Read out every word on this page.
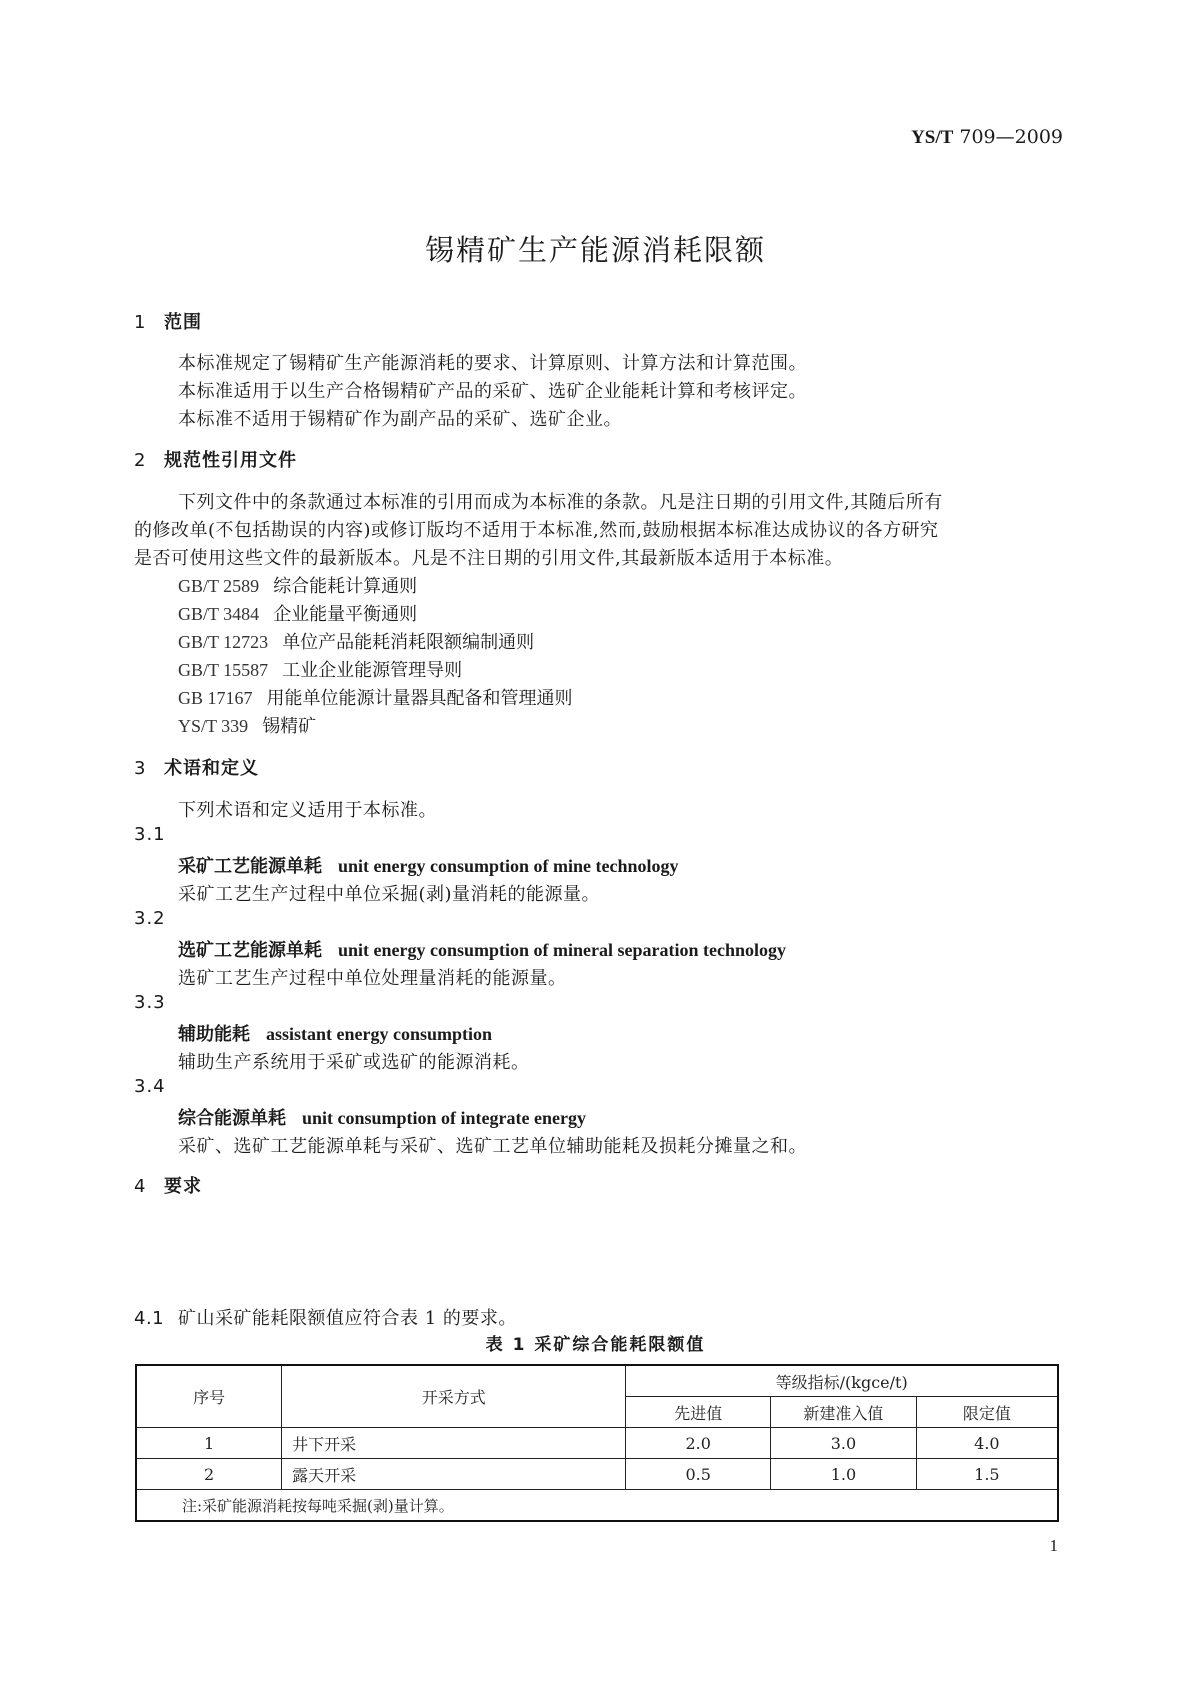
YS/T 709—2009
锡精矿生产能源消耗限额
1 范围
本标准规定了锡精矿生产能源消耗的要求、计算原则、计算方法和计算范围。
本标准适用于以生产合格锡精矿产品的采矿、选矿企业能耗计算和考核评定。
本标准不适用于锡精矿作为副产品的采矿、选矿企业。
2 规范性引用文件
下列文件中的条款通过本标准的引用而成为本标准的条款。凡是注日期的引用文件,其随后所有
的修改单(不包括勘误的内容)或修订版均不适用于本标准,然而,鼓励根据本标准达成协议的各方研究
是否可使用这些文件的最新版本。凡是不注日期的引用文件,其最新版本适用于本标准。
GB/T 2589 综合能耗计算通则
GB/T 3484 企业能量平衡通则
GB/T 12723 单位产品能耗消耗限额编制通则
GB/T 15587 工业企业能源管理导则
GB 17167 用能单位能源计量器具配备和管理通则
YS/T 339 锡精矿
3 术语和定义
下列术语和定义适用于本标准。
3.1
采矿工艺能源单耗 unit energy consumption of mine technology
采矿工艺生产过程中单位采掘(剥)量消耗的能源量。
3.2
选矿工艺能源单耗 unit energy consumption of mineral separation technology
选矿工艺生产过程中单位处理量消耗的能源量。
3.3
辅助能耗 assistant energy consumption
辅助生产系统用于采矿或选矿的能源消耗。
3.4
综合能源单耗 unit consumption of integrate energy
采矿、选矿工艺能源单耗与采矿、选矿工艺单位辅助能耗及损耗分摊量之和。
4 要求
4.1 矿山采矿能耗限额值应符合表 1 的要求。
表 1 采矿综合能耗限额值
序号	开采方式	等级指标/(kgce/t)		
		先进值	新建准入值	限定值
1	井下开采	2.0	3.0	4.0
2	露天开采	0.5	1.0	1.5
注:采矿能源消耗按每吨采掘(剥)量计算。				
1
